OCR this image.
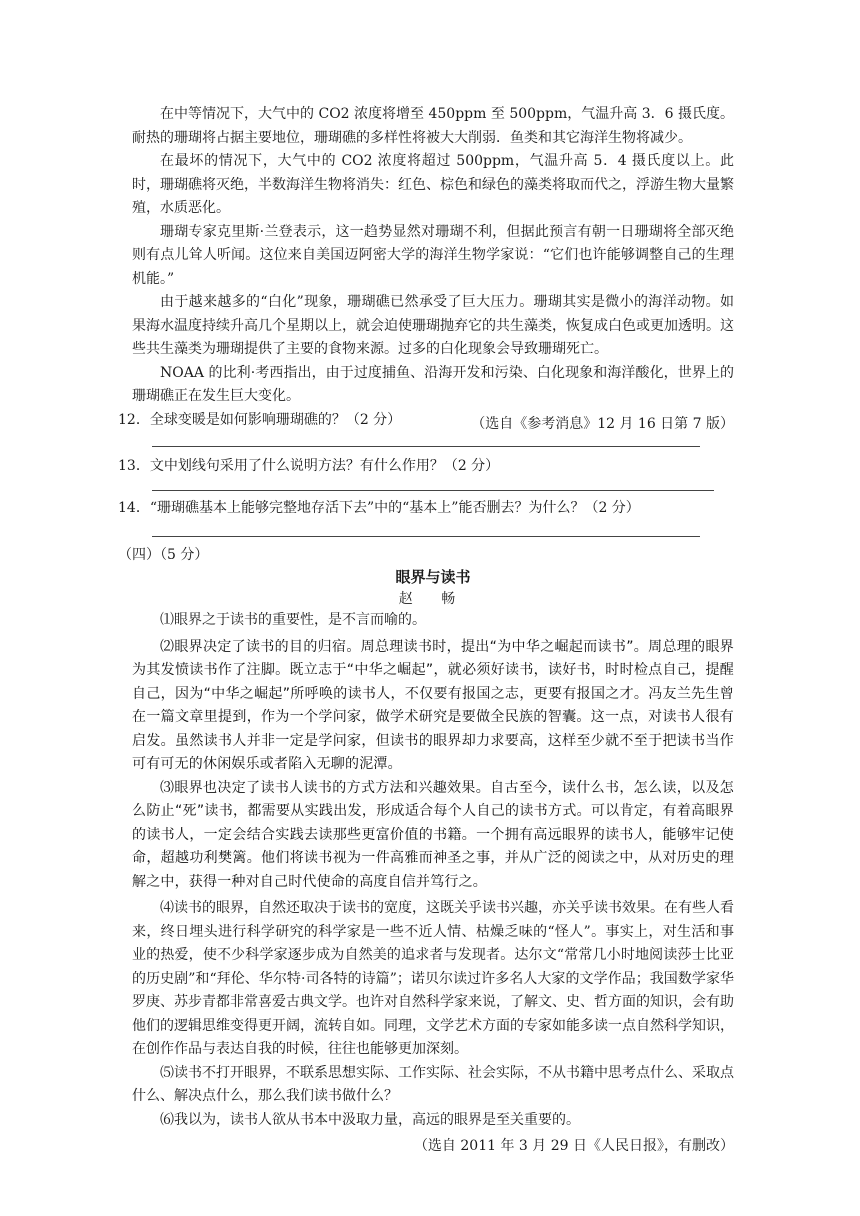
在中等情况下，大气中的 CO2 浓度将增至 450ppm 至 500ppm，气温升高 3．6 摄氏度。耐热的珊瑚将占据主要地位，珊瑚礁的多样性将被大大削弱．鱼类和其它海洋生物将减少。

在最坏的情况下，大气中的 CO2 浓度将超过 500ppm，气温升高 5．4 摄氏度以上。此时，珊瑚礁将灭绝，半数海洋生物将消失：红色、棕色和绿色的藻类将取而代之，浮游生物大量繁殖，水质恶化。

珊瑚专家克里斯·兰登表示，这一趋势显然对珊瑚不利，但据此预言有朝一日珊瑚将全部灭绝则有点儿耸人听闻。这位来自美国迈阿密大学的海洋生物学家说：“它们也许能够调整自己的生理机能。”

由于越来越多的“白化”现象，珊瑚礁已然承受了巨大压力。珊瑚其实是微小的海洋动物。如果海水温度持续升高几个星期以上，就会迫使珊瑚抛弃它的共生藻类，恢复成白色或更加透明。这些共生藻类为珊瑚提供了主要的食物来源。过多的白化现象会导致珊瑚死亡。

NOAA 的比利·考西指出，由于过度捕鱼、沿海开发和污染、白化现象和海洋酸化，世界上的珊瑚礁正在发生巨大变化。

（选自《参考消息》12 月 16 日第 7 版）

12．全球变暖是如何影响珊瑚礁的？（2 分）

13．文中划线句采用了什么说明方法？有什么作用？（2 分）

14．“珊瑚礁基本上能够完整地存活下去”中的“基本上”能否删去？为什么？（2 分）

（四）（5 分）

眼界与读书

赵 畅

⑴眼界之于读书的重要性，是不言而喻的。

⑵眼界决定了读书的目的归宿。周总理读书时，提出“为中华之崛起而读书”。周总理的眼界为其发愤读书作了注脚。既立志于“中华之崛起”，就必须好读书，读好书，时时检点自己，提醒自己，因为“中华之崛起”所呼唤的读书人，不仅要有报国之志，更要有报国之才。冯友兰先生曾在一篇文章里提到，作为一个学问家，做学术研究是要做全民族的智囊。这一点，对读书人很有启发。虽然读书人并非一定是学问家，但读书的眼界却力求要高，这样至少就不至于把读书当作可有可无的休闲娱乐或者陷入无聊的泥潭。

⑶眼界也决定了读书人读书的方式方法和兴趣效果。自古至今，读什么书，怎么读，以及怎么防止“死”读书，都需要从实践出发，形成适合每个人自己的读书方式。可以肯定，有着高眼界的读书人，一定会结合实践去读那些更富价值的书籍。一个拥有高远眼界的读书人，能够牢记使命，超越功利樊篱。他们将读书视为一件高雅而神圣之事，并从广泛的阅读之中，从对历史的理解之中，获得一种对自己时代使命的高度自信并笃行之。

⑷读书的眼界，自然还取决于读书的宽度，这既关乎读书兴趣，亦关乎读书效果。在有些人看来，终日埋头进行科学研究的科学家是一些不近人情、枯燥乏味的“怪人”。事实上，对生活和事业的热爱，使不少科学家逐步成为自然美的追求者与发现者。达尔文“常常几小时地阅读莎士比亚的历史剧”和“拜伦、华尔特·司各特的诗篇”；诺贝尔读过许多名人大家的文学作品；我国数学家华罗庚、苏步青都非常喜爱古典文学。也许对自然科学家来说，了解文、史、哲方面的知识，会有助他们的逻辑思维变得更开阔，流转自如。同理，文学艺术方面的专家如能多读一点自然科学知识，在创作作品与表达自我的时候，往往也能够更加深刻。

⑸读书不打开眼界，不联系思想实际、工作实际、社会实际，不从书籍中思考点什么、采取点什么、解决点什么，那么我们读书做什么？

⑹我以为，读书人欲从书本中汲取力量，高远的眼界是至关重要的。

（选自 2011 年 3 月 29 日《人民日报》，有删改）
